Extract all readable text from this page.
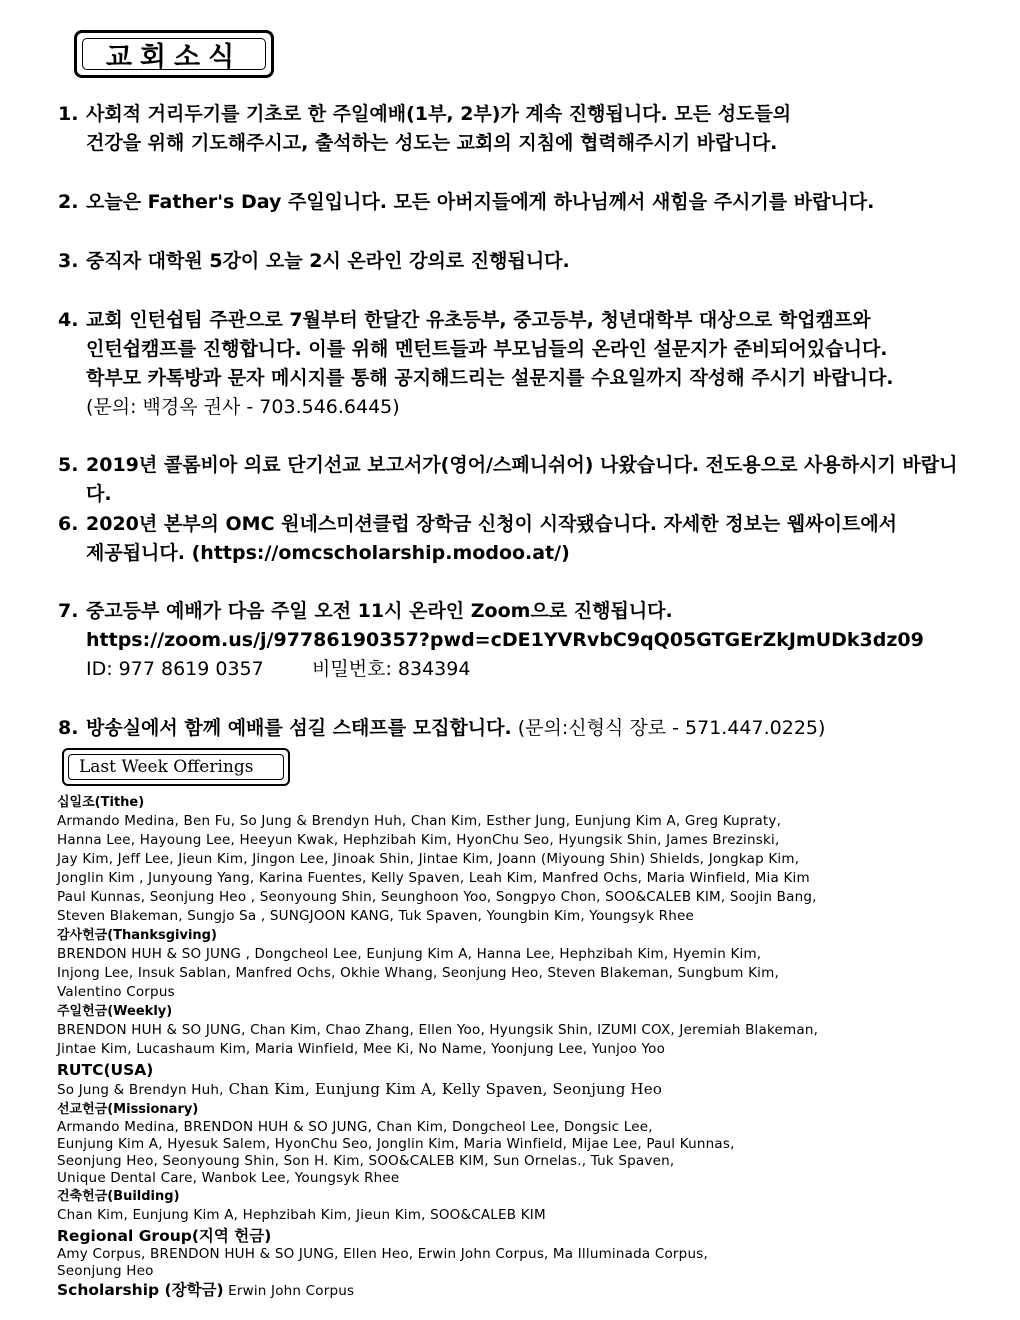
교회소식
1. 사회적 거리두기를 기초로 한 주일예배(1부, 2부)가 계속 진행됩니다. 모든 성도들의
건강을 위해 기도해주시고, 출석하는 성도는 교회의 지침에 협력해주시기 바랍니다.
2. 오늘은 Father's Day 주일입니다. 모든 아버지들에게 하나님께서 새힘을 주시기를 바랍니다.
3. 중직자 대학원 5강이 오늘 2시 온라인 강의로 진행됩니다.
4. 교회 인턴쉽팀 주관으로 7월부터 한달간 유초등부, 중고등부, 청년대학부 대상으로 학업캠프와
인턴쉽캠프를 진행합니다. 이를 위해 멘턴트들과 부모님들의 온라인 설문지가 준비되어있습니다.
학부모 카톡방과 문자 메시지를 통해 공지해드리는 설문지를 수요일까지 작성해 주시기 바랍니다.
(문의: 백경옥 권사 - 703.546.6445)
5. 2019년 콜롬비아 의료 단기선교 보고서가(영어/스페니쉬어) 나왔습니다. 전도용으로 사용하시기 바랍니다.
6. 2020년 본부의 OMC 원네스미션클럽 장학금 신청이 시작됐습니다. 자세한 정보는 웹싸이트에서
제공됩니다. (https://omcscholarship.modoo.at/)
7. 중고등부 예배가 다음 주일 오전 11시 온라인 Zoom으로 진행됩니다.
https://zoom.us/j/97786190357?pwd=cDE1YVRvbC9qQ05GTGErZkJmUDk3dz09
ID: 977 8619 0357        비밀번호: 834394
8. 방송실에서 함께 예배를 섬길 스태프를 모집합니다. (문의:신형식 장로 - 571.447.0225)
Last Week Offerings
십일조(Tithe)
Armando Medina, Ben Fu, So Jung & Brendyn Huh, Chan Kim, Esther Jung, Eunjung Kim A, Greg Kupraty,
Hanna Lee, Hayoung Lee, Heeyun Kwak, Hephzibah Kim, HyonChu Seo, Hyungsik Shin, James Brezinski,
Jay Kim, Jeff Lee, Jieun Kim, Jingon Lee, Jinoak Shin, Jintae Kim, Joann (Miyoung Shin) Shields, Jongkap Kim,
Jonglin Kim , Junyoung Yang, Karina Fuentes, Kelly Spaven, Leah Kim, Manfred Ochs, Maria Winfield, Mia Kim
Paul Kunnas, Seonjung Heo , Seonyoung Shin, Seunghoon Yoo, Songpyo Chon, SOO&CALEB KIM, Soojin Bang,
Steven Blakeman, Sungjo Sa , SUNGJOON KANG, Tuk Spaven, Youngbin Kim, Youngsyk Rhee
감사헌금(Thanksgiving)
BRENDON HUH & SO JUNG , Dongcheol Lee, Eunjung Kim A, Hanna Lee, Hephzibah Kim, Hyemin Kim,
Injong Lee, Insuk Sablan, Manfred Ochs, Okhie Whang, Seonjung Heo, Steven Blakeman, Sungbum Kim,
Valentino Corpus
주일헌금(Weekly)
BRENDON HUH & SO JUNG, Chan Kim, Chao Zhang, Ellen Yoo, Hyungsik Shin, IZUMI COX, Jeremiah Blakeman,
Jintae Kim, Lucashaum Kim, Maria Winfield, Mee Ki, No Name, Yoonjung Lee, Yunjoo Yoo
RUTC(USA)
So Jung & Brendyn Huh, Chan Kim, Eunjung Kim A, Kelly Spaven, Seonjung Heo
선교헌금(Missionary)
Armando Medina, BRENDON HUH & SO JUNG, Chan Kim, Dongcheol Lee, Dongsic Lee,
Eunjung Kim A, Hyesuk Salem, HyonChu Seo, Jonglin Kim, Maria Winfield, Mijae Lee, Paul Kunnas,
Seonjung Heo, Seonyoung Shin, Son H. Kim, SOO&CALEB KIM, Sun Ornelas., Tuk Spaven,
Unique Dental Care, Wanbok Lee, Youngsyk Rhee
건축헌금(Building)
Chan Kim, Eunjung Kim A, Hephzibah Kim, Jieun Kim, SOO&CALEB KIM
Regional Group(지역 헌금)
Amy Corpus, BRENDON HUH & SO JUNG, Ellen Heo, Erwin John Corpus, Ma Illuminada Corpus,
Seonjung Heo
Scholarship (장학금) Erwin John Corpus
